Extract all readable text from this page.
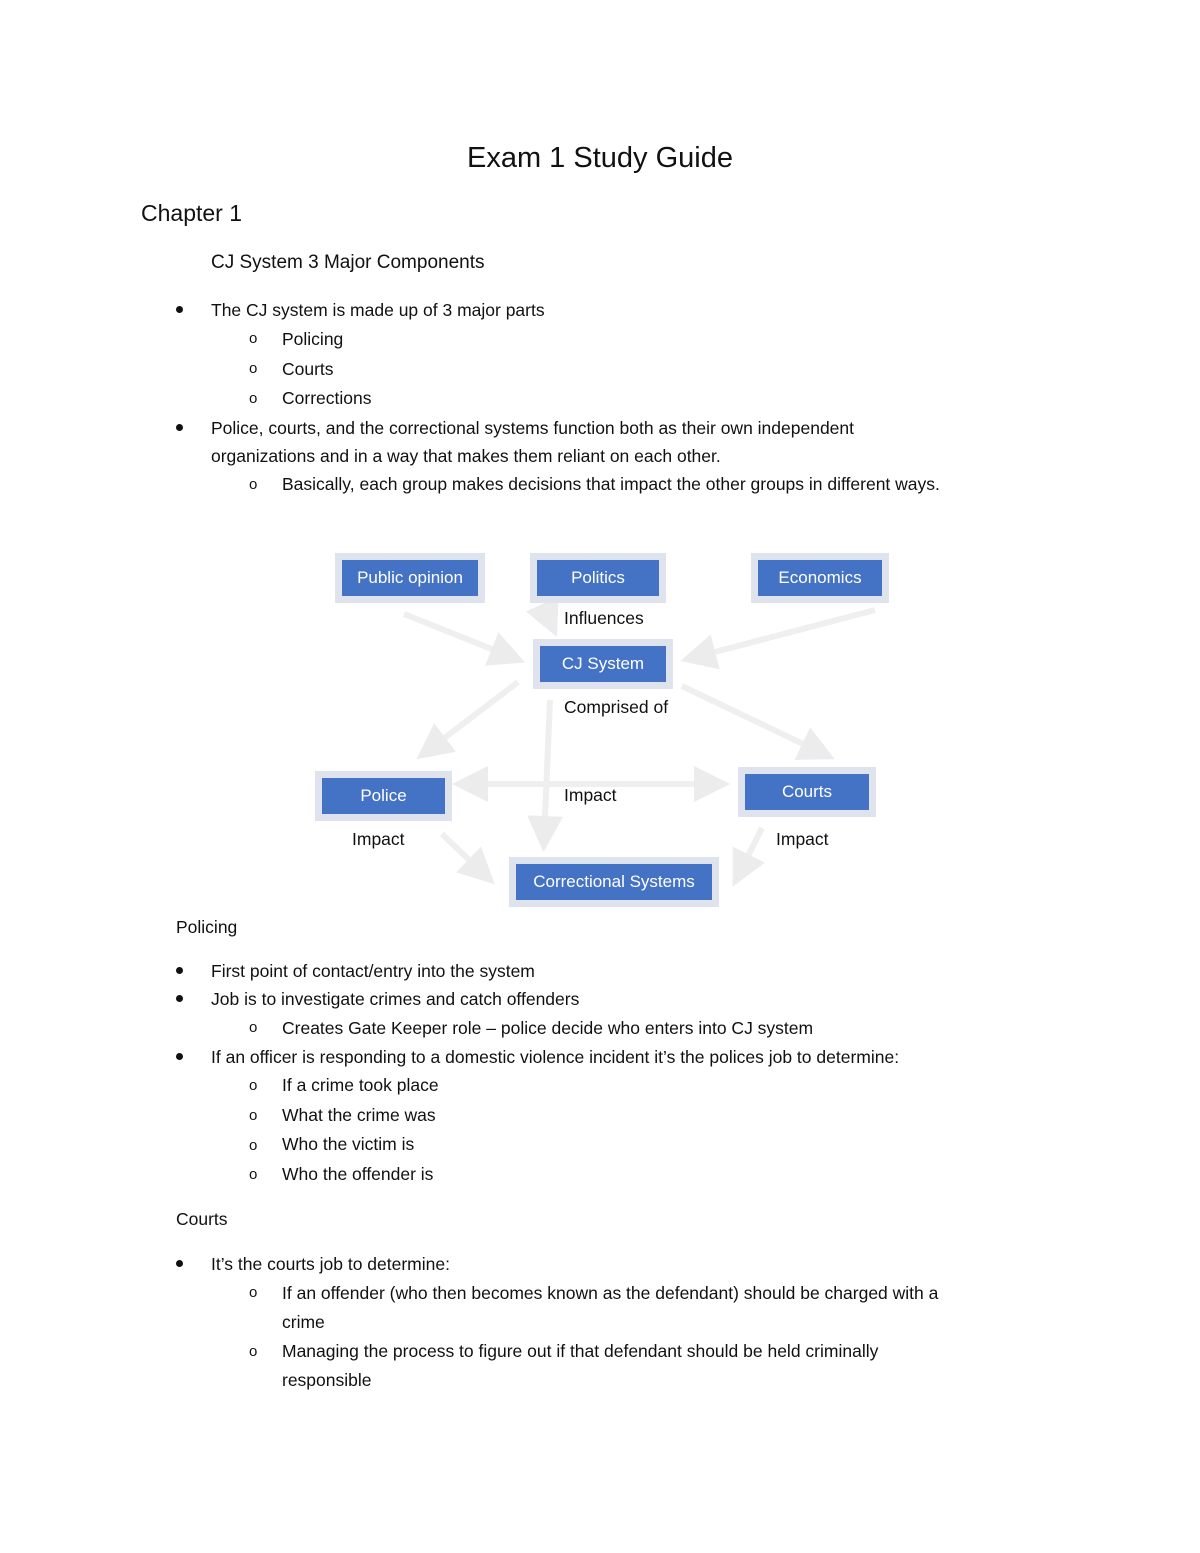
Exam 1 Study Guide
Chapter 1
CJ System 3 Major Components
The CJ system is made up of 3 major parts
o Policing
o Courts
o Corrections
Police, courts, and the correctional systems function both as their own independent
organizations and in a way that makes them reliant on each other.
o Basically, each group makes decisions that impact the other groups in different ways.
Public opinion	Politics	Economics
CJ System
Police	Courts
Correctional Systems
Influences
Comprised of
Impact
Impact	Impact
Policing
First point of contact/entry into the system
Job is to investigate crimes and catch offenders
o Creates Gate Keeper role – police decide who enters into CJ system
If an officer is responding to a domestic violence incident it’s the polices job to determine:
o If a crime took place
o What the crime was
o Who the victim is
o Who the offender is
Courts
It’s the courts job to determine:
o If an offender (who then becomes known as the defendant) should be charged with a
crime
o Managing the process to figure out if that defendant should be held criminally
responsible
